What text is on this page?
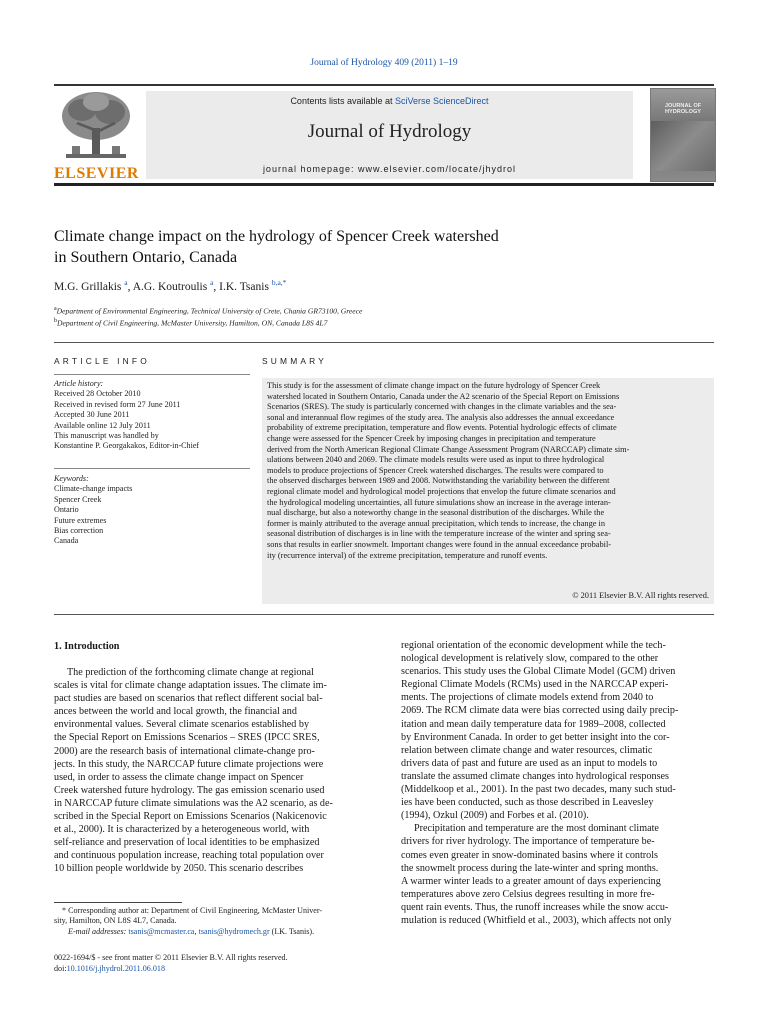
Journal of Hydrology 409 (2011) 1–19
ELSEVIER
Contents lists available at SciVerse ScienceDirect
Journal of Hydrology
journal homepage: www.elsevier.com/locate/jhydrol
JOURNAL OF HYDROLOGY
Climate change impact on the hydrology of Spencer Creek watershed
in Southern Ontario, Canada
M.G. Grillakis $^a$, A.G. Koutroulis $^a$, I.K. Tsanis $^{b,a,*}$
$^a$Department of Environmental Engineering, Technical University of Crete, Chania GR73100, Greece
$^b$Department of Civil Engineering, McMaster University, Hamilton, ON, Canada L8S 4L7
ARTICLE INFO	SUMMARY
Article history:
Received 28 October 2010
Received in revised form 27 June 2011
Accepted 30 June 2011
Available online 12 July 2011
This manuscript was handled by
Konstantine P. Georgakakos, Editor-in-Chief
Keywords:
Climate-change impacts
Spencer Creek
Ontario
Future extremes
Bias correction
Canada
This study is for the assessment of climate change impact on the future hydrology of Spencer Creek
watershed located in Southern Ontario, Canada under the A2 scenario of the Special Report on Emissions
Scenarios (SRES). The study is particularly concerned with changes in the climate variables and the sea-
sonal and interannual flow regimes of the study area. The analysis also addresses the annual exceedance
probability of extreme precipitation, temperature and flow events. Potential hydrologic effects of climate
change were assessed for the Spencer Creek by imposing changes in precipitation and temperature
derived from the North American Regional Climate Change Assessment Program (NARCCAP) climate sim-
ulations between 2040 and 2069. The climate models results were used as input to three hydrological
models to produce projections of Spencer Creek watershed discharges. The results were compared to
the observed discharges between 1989 and 2008. Notwithstanding the variability between the different
regional climate model and hydrological model projections that envelop the future climate scenarios and
the hydrological modeling uncertainties, all future simulations show an increase in the average interan-
nual discharge, but also a noteworthy change in the seasonal distribution of the discharges. While the
former is mainly attributed to the average annual precipitation, which tends to increase, the change in
seasonal distribution of discharges is in line with the temperature increase of the winter and spring sea-
sons that results in earlier snowmelt. Important changes were found in the annual exceedance probabil-
ity (recurrence interval) of the extreme precipitation, temperature and runoff events.
© 2011 Elsevier B.V. All rights reserved.
1. Introduction
The prediction of the forthcoming climate change at regional
scales is vital for climate change adaptation issues. The climate im-
pact studies are based on scenarios that reflect different social bal-
ances between the world and local growth, the financial and
environmental values. Several climate scenarios established by
the Special Report on Emissions Scenarios – SRES (IPCC SRES,
2000) are the research basis of international climate-change pro-
jects. In this study, the NARCCAP future climate projections were
used, in order to assess the climate change impact on Spencer
Creek watershed future hydrology. The gas emission scenario used
in NARCCAP future climate simulations was the A2 scenario, as de-
scribed in the Special Report on Emissions Scenarios (Nakicenovic
et al., 2000). It is characterized by a heterogeneous world, with
self-reliance and preservation of local identities to be emphasized
and continuous population increase, reaching total population over
10 billion people worldwide by 2050. This scenario describes
regional orientation of the economic development while the tech-
nological development is relatively slow, compared to the other
scenarios. This study uses the Global Climate Model (GCM) driven
Regional Climate Models (RCMs) used in the NARCCAP experi-
ments. The projections of climate models extend from 2040 to
2069. The RCM climate data were bias corrected using daily precip-
itation and mean daily temperature data for 1989–2008, collected
by Environment Canada. In order to get better insight into the cor-
relation between climate change and water resources, climatic
drivers data of past and future are used as an input to models to
translate the assumed climate changes into hydrological responses
(Middelkoop et al., 2001). In the past two decades, many such stud-
ies have been conducted, such as those described in Leavesley
(1994), Ozkul (2009) and Forbes et al. (2010).
Precipitation and temperature are the most dominant climate
drivers for river hydrology. The importance of temperature be-
comes even greater in snow-dominated basins where it controls
the snowmelt process during the late-winter and spring months.
A warmer winter leads to a greater amount of days experiencing
temperatures above zero Celsius degrees resulting in more fre-
quent rain events. Thus, the runoff increases while the snow accu-
mulation is reduced (Whitfield et al., 2003), which affects not only
* Corresponding author at: Department of Civil Engineering, McMaster Univer-
sity, Hamilton, ON L8S 4L7, Canada.
E-mail addresses: tsanis@mcmaster.ca, tsanis@hydromech.gr (I.K. Tsanis).
0022-1694/$ - see front matter © 2011 Elsevier B.V. All rights reserved.
doi:10.1016/j.jhydrol.2011.06.018
